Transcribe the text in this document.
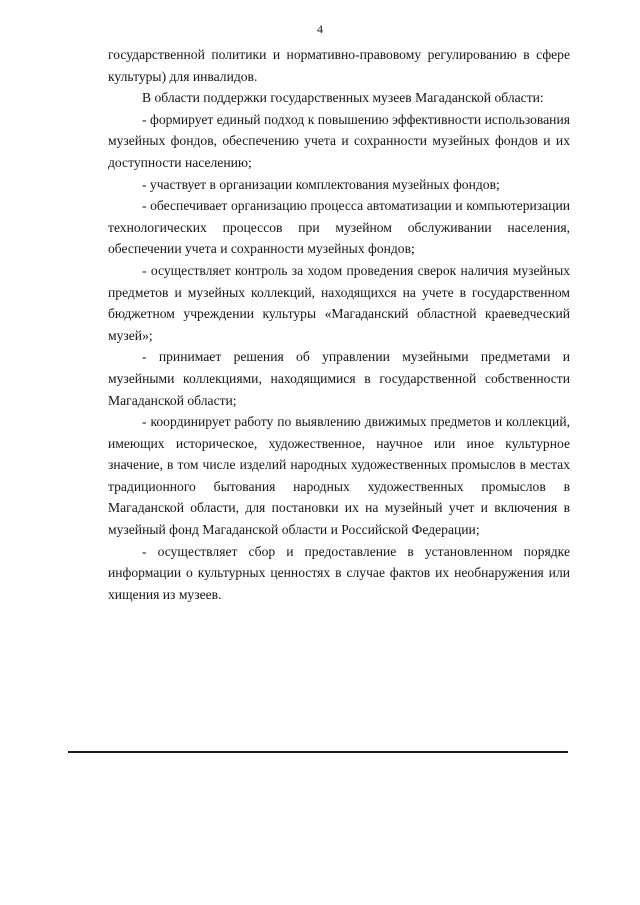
4

государственной политики и нормативно-правовому регулированию в сфере культуры) для инвалидов.

В области поддержки государственных музеев Магаданской области:

- формирует единый подход к повышению эффективности использования музейных фондов, обеспечению учета и сохранности музейных фондов и их доступности населению;

- участвует в организации комплектования музейных фондов;

- обеспечивает организацию процесса автоматизации и компьютеризации технологических процессов при музейном обслуживании населения, обеспечении учета и сохранности музейных фондов;

- осуществляет контроль за ходом проведения сверок наличия музейных предметов и музейных коллекций, находящихся на учете в государственном бюджетном учреждении культуры «Магаданский областной краеведческий музей»;

- принимает решения об управлении музейными предметами и музейными коллекциями, находящимися в государственной собственности Магаданской области;

- координирует работу по выявлению движимых предметов и коллекций, имеющих историческое, художественное, научное или иное культурное значение, в том числе изделий народных художественных промыслов в местах традиционного бытования народных художественных промыслов в Магаданской области, для постановки их на музейный учет и включения в музейный фонд Магаданской области и Российской Федерации;

- осуществляет сбор и предоставление в установленном порядке информации о культурных ценностях в случае фактов их необнаружения или хищения из музеев.
